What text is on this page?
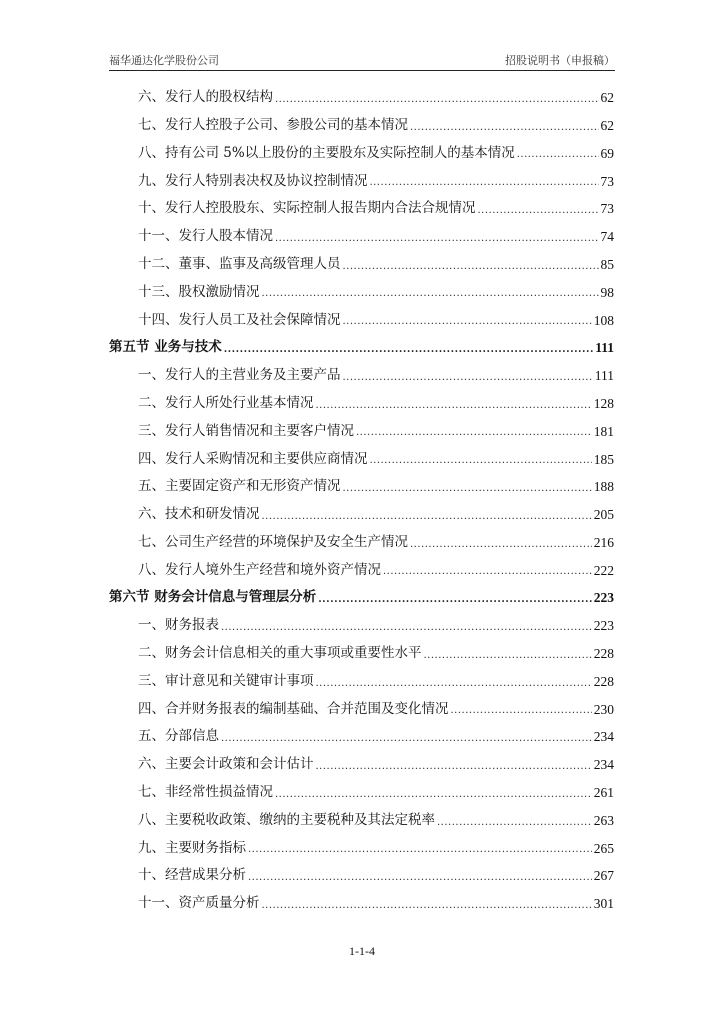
福华通达化学股份公司	招股说明书（申报稿）
六、发行人的股权结构 .....	62
七、发行人控股子公司、参股公司的基本情况 .....	62
八、持有公司 5%以上股份的主要股东及实际控制人的基本情况 .....	69
九、发行人特别表决权及协议控制情况 .....	73
十、发行人控股股东、实际控制人报告期内合法合规情况 .....	73
十一、发行人股本情况 .....	74
十二、董事、监事及高级管理人员 .....	85
十三、股权激励情况 .....	98
十四、发行人员工及社会保障情况 .....	108
第五节 业务与技术 .....	111
一、发行人的主营业务及主要产品 .....	111
二、发行人所处行业基本情况 .....	128
三、发行人销售情况和主要客户情况 .....	181
四、发行人采购情况和主要供应商情况 .....	185
五、主要固定资产和无形资产情况 .....	188
六、技术和研发情况 .....	205
七、公司生产经营的环境保护及安全生产情况 .....	216
八、发行人境外生产经营和境外资产情况 .....	222
第六节 财务会计信息与管理层分析 .....	223
一、财务报表 .....	223
二、财务会计信息相关的重大事项或重要性水平 .....	228
三、审计意见和关键审计事项 .....	228
四、合并财务报表的编制基础、合并范围及变化情况 .....	230
五、分部信息 .....	234
六、主要会计政策和会计估计 .....	234
七、非经常性损益情况 .....	261
八、主要税收政策、缴纳的主要税种及其法定税率 .....	263
九、主要财务指标 .....	265
十、经营成果分析 .....	267
十一、资产质量分析 .....	301
1-1-4
